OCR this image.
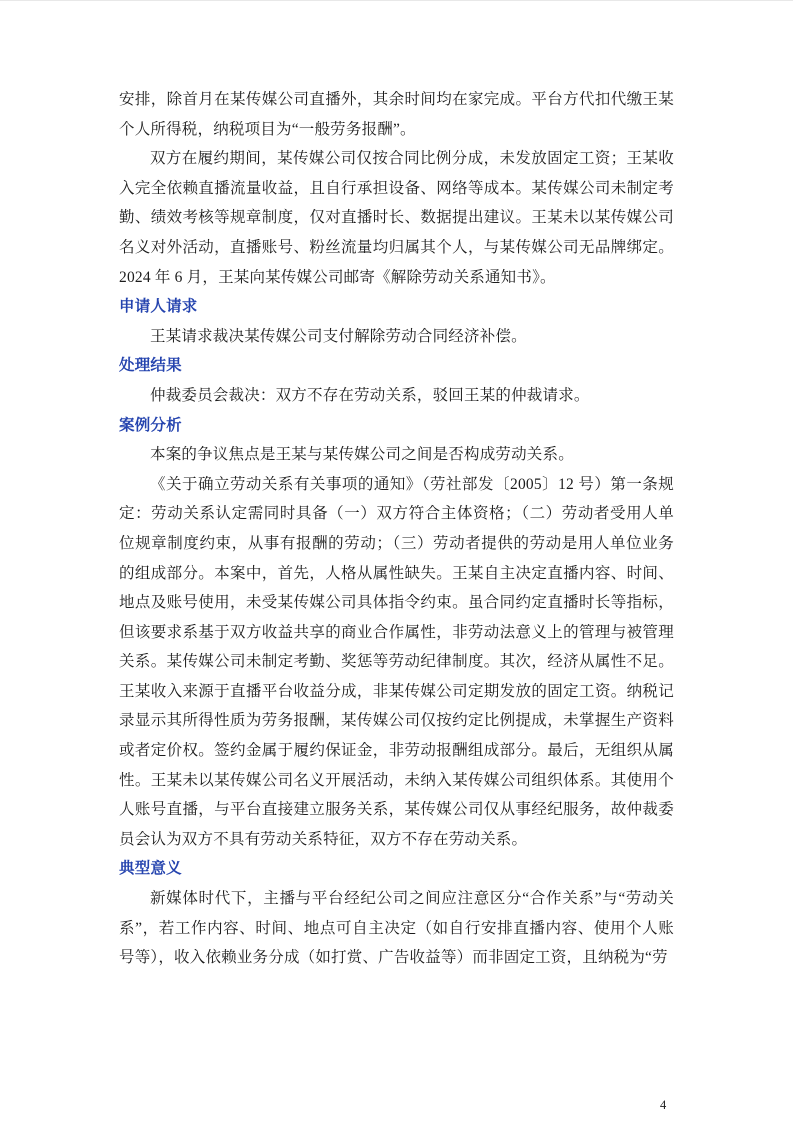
安排，除首月在某传媒公司直播外，其余时间均在家完成。平台方代扣代缴王某个人所得税，纳税项目为“一般劳务报酬”。

双方在履约期间，某传媒公司仅按合同比例分成，未发放固定工资；王某收入完全依赖直播流量收益，且自行承担设备、网络等成本。某传媒公司未制定考勤、绩效考核等规章制度，仅对直播时长、数据提出建议。王某未以某传媒公司名义对外活动，直播账号、粉丝流量均归属其个人，与某传媒公司无品牌绑定。2024 年 6 月，王某向某传媒公司邮寄《解除劳动关系通知书》。

申请人请求

王某请求裁决某传媒公司支付解除劳动合同经济补偿。

处理结果

仲裁委员会裁决：双方不存在劳动关系，驳回王某的仲裁请求。

案例分析

本案的争议焦点是王某与某传媒公司之间是否构成劳动关系。

《关于确立劳动关系有关事项的通知》（劳社部发〔2005〕12 号）第一条规定：劳动关系认定需同时具备（一）双方符合主体资格；（二）劳动者受用人单位规章制度约束，从事有报酬的劳动；（三）劳动者提供的劳动是用人单位业务的组成部分。本案中，首先，人格从属性缺失。王某自主决定直播内容、时间、地点及账号使用，未受某传媒公司具体指令约束。虽合同约定直播时长等指标，但该要求系基于双方收益共享的商业合作属性，非劳动法意义上的管理与被管理关系。某传媒公司未制定考勤、奖惩等劳动纪律制度。其次，经济从属性不足。王某收入来源于直播平台收益分成，非某传媒公司定期发放的固定工资。纳税记录显示其所得性质为劳务报酬，某传媒公司仅按约定比例提成，未掌握生产资料或者定价权。签约金属于履约保证金，非劳动报酬组成部分。最后，无组织从属性。王某未以某传媒公司名义开展活动，未纳入某传媒公司组织体系。其使用个人账号直播，与平台直接建立服务关系，某传媒公司仅从事经纪服务，故仲裁委员会认为双方不具有劳动关系特征，双方不存在劳动关系。

典型意义

新媒体时代下，主播与平台经纪公司之间应注意区分“合作关系”与“劳动关系”，若工作内容、时间、地点可自主决定（如自行安排直播内容、使用个人账号等），收入依赖业务分成（如打赏、广告收益等）而非固定工资，且纳税为“劳

4
